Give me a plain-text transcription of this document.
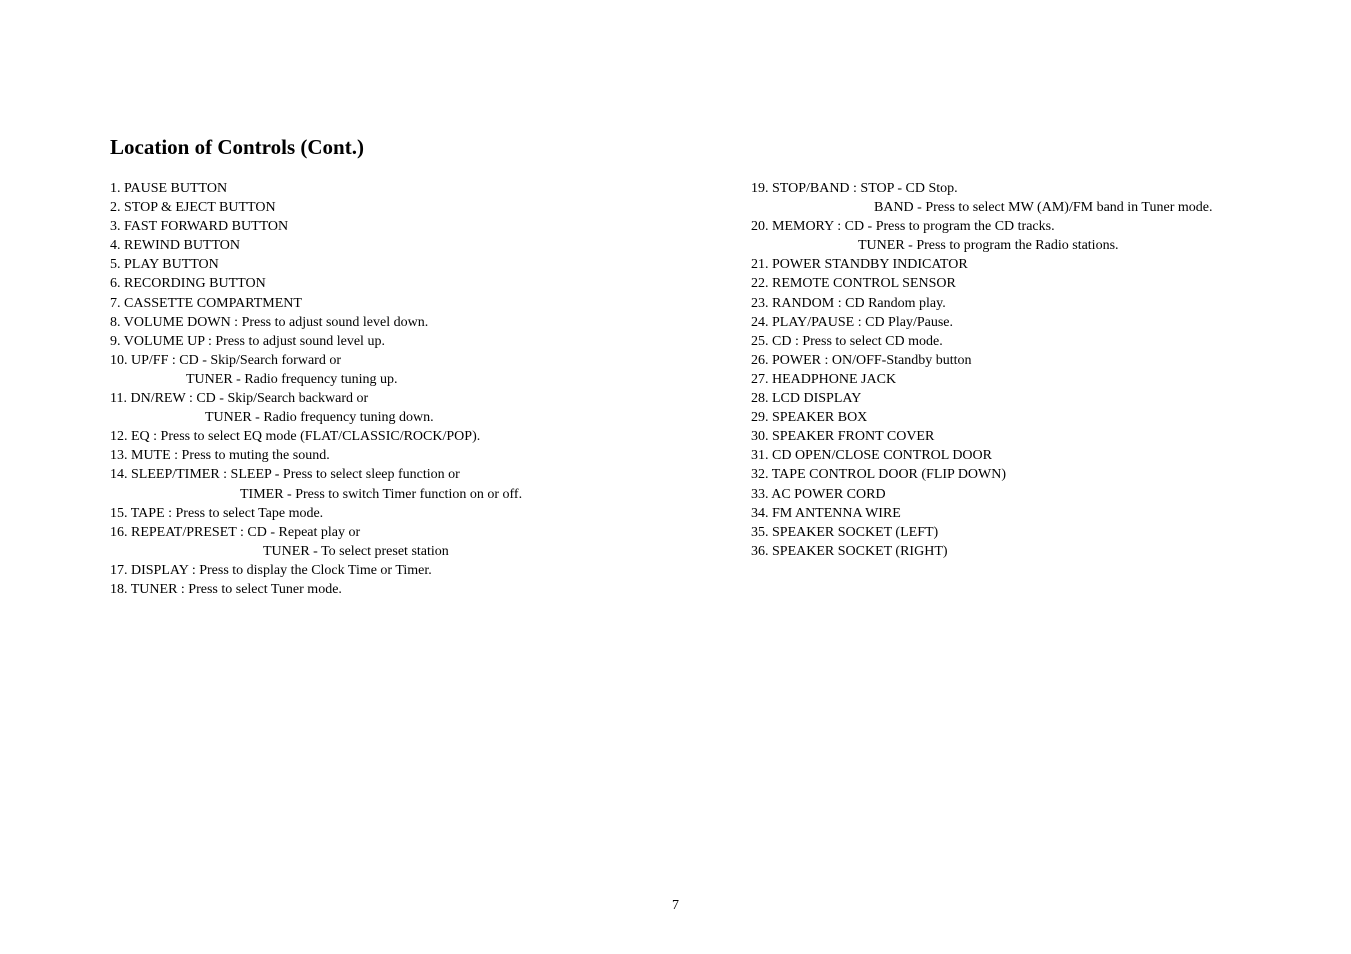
Location of Controls (Cont.)
1. PAUSE BUTTON
2. STOP & EJECT BUTTON
3. FAST FORWARD BUTTON
4. REWIND BUTTON
5. PLAY BUTTON
6. RECORDING BUTTON
7. CASSETTE COMPARTMENT
8. VOLUME DOWN : Press to adjust sound level down.
9. VOLUME UP : Press to adjust sound level up.
10. UP/FF : CD - Skip/Search forward or
TUNER - Radio frequency tuning up.
11. DN/REW : CD - Skip/Search backward or
TUNER - Radio frequency tuning down.
12. EQ : Press to select EQ mode (FLAT/CLASSIC/ROCK/POP).
13. MUTE : Press to muting the sound.
14. SLEEP/TIMER : SLEEP - Press to select sleep function or
TIMER - Press to switch Timer function on or off.
15. TAPE : Press to select Tape mode.
16. REPEAT/PRESET : CD - Repeat play or
TUNER - To select preset station
17. DISPLAY : Press to display the Clock Time or Timer.
18. TUNER : Press to select Tuner mode.
19. STOP/BAND : STOP - CD Stop.
BAND - Press to select MW (AM)/FM band in Tuner mode.
20. MEMORY : CD - Press to program the CD tracks.
TUNER - Press to program the Radio stations.
21. POWER STANDBY INDICATOR
22. REMOTE CONTROL SENSOR
23. RANDOM : CD Random play.
24. PLAY/PAUSE : CD Play/Pause.
25. CD : Press to select CD mode.
26. POWER : ON/OFF-Standby button
27. HEADPHONE JACK
28. LCD DISPLAY
29. SPEAKER BOX
30. SPEAKER FRONT COVER
31. CD OPEN/CLOSE CONTROL DOOR
32. TAPE CONTROL DOOR (FLIP DOWN)
33. AC POWER CORD
34. FM ANTENNA WIRE
35. SPEAKER SOCKET (LEFT)
36. SPEAKER SOCKET (RIGHT)
7
